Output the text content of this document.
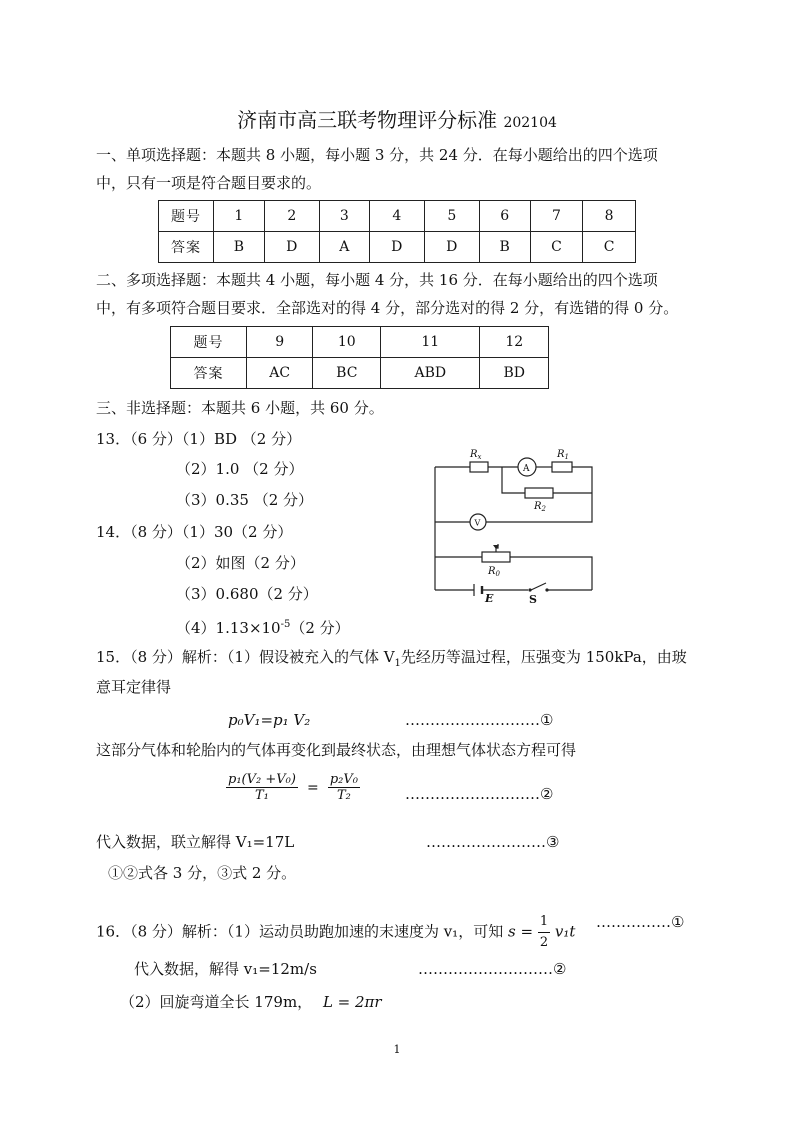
济南市高三联考物理评分标准 202104
一、单项选择题：本题共 8 小题，每小题 3 分，共 24 分．在每小题给出的四个选项
中，只有一项是符合题目要求的。
题号	1	2	3	4	5	6	7	8
答案	B	D	A	D	D	B	C	C
二、多项选择题：本题共 4 小题，每小题 4 分，共 16 分．在每小题给出的四个选项
中，有多项符合题目要求．全部选对的得 4 分，部分选对的得 2 分，有选错的得 0 分。
题号	9	10	11	12
答案	AC	BC	ABD	BD
三、非选择题：本题共 6 小题，共 60 分。
13．（6 分）（1）BD （2 分）
（2）1.0 （2 分）
（3）0.35 （2 分）
14．（8 分）（1）30（2 分）
（2）如图（2 分）
（3）0.680（2 分）
$(4)1.13\times 10^{-5}(2$ 分）
$R_x$	$R_1$
$R_2$
$R_0$
A
V
E	S
15．（8 分）解析：（1）假设被充入的气体 $V_1$先经历等温过程，压强变为 150kPa，由玻
意耳定律得
p₀V₁=p₁ V₂	………………………①
这部分气体和轮胎内的气体再变化到最终状态，由理想气体状态方程可得
$\frac{\text{p₁(V₂ +V₀)}}{\text{T₁}} = \frac{\text{p₂V₀}}{\text{T₂}}$	………………………②
代入数据，联立解得 V₁=17L	……………………③
①②式各 3 分，③式 2 分。
16．（8 分）解析：（1）运动员助跑加速的末速度为 v₁，可知 $s = \frac{1}{2} v_1t$
……………①
代入数据，解得 v₁=12m/s	………………………②
（2）回旋弯道全长 179m， L = 2πr
1
